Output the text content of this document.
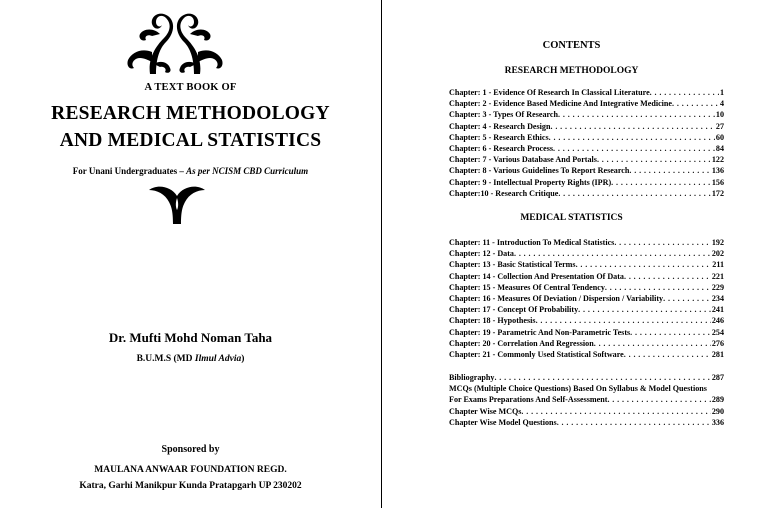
A TEXT BOOK OF
RESEARCH METHODOLOGY
AND MEDICAL STATISTICS
For Unani Undergraduates – As per NCISM CBD Curriculum
Dr. Mufti Mohd Noman Taha
B.U.M.S (MD Ilmul Advia)
Sponsored by
MAULANA ANWAAR FOUNDATION REGD.
Katra, Garhi Manikpur Kunda Pratapgarh UP 230202
CONTENTS
RESEARCH METHODOLOGY
Chapter: 1 - Evidence Of Research In Classical Literature . . .	1
Chapter: 2 - Evidence Based Medicine And Integrative Medicine . . .	4
Chapter: 3 - Types Of Research . . .	10
Chapter: 4 - Research Design . . .	27
Chapter: 5 - Research Ethics . . .	60
Chapter: 6 - Research Process . . .	84
Chapter: 7 - Various Database And Portals . . .	122
Chapter: 8 - Various Guidelines To Report Research . . .	136
Chapter: 9 - Intellectual Property Rights (IPR) . . .	156
Chapter:10 - Research Critique . . .	172
MEDICAL STATISTICS
Chapter: 11 - Introduction To Medical Statistics . . .	192
Chapter: 12 - Data . . .	202
Chapter: 13 - Basic Statistical Terms . . .	211
Chapter: 14 - Collection And Presentation Of Data . . .	221
Chapter: 15 - Measures Of Central Tendency . . .	229
Chapter: 16 - Measures Of Deviation / Dispersion / Variability . . .	234
Chapter: 17 - Concept Of Probability . . .	241
Chapter: 18 - Hypothesis . . .	246
Chapter: 19 - Parametric And Non-Parametric Tests . . .	254
Chapter: 20 - Correlation And Regression . . .	276
Chapter: 21 - Commonly Used Statistical Software . . .	281
Bibliography . . .	287
MCQs (Multiple Choice Questions) Based On Syllabus & Model Questions
For Exams Preparations And Self-Assessment . . .	289
Chapter Wise MCQs . . .	290
Chapter Wise Model Questions . . .	336
